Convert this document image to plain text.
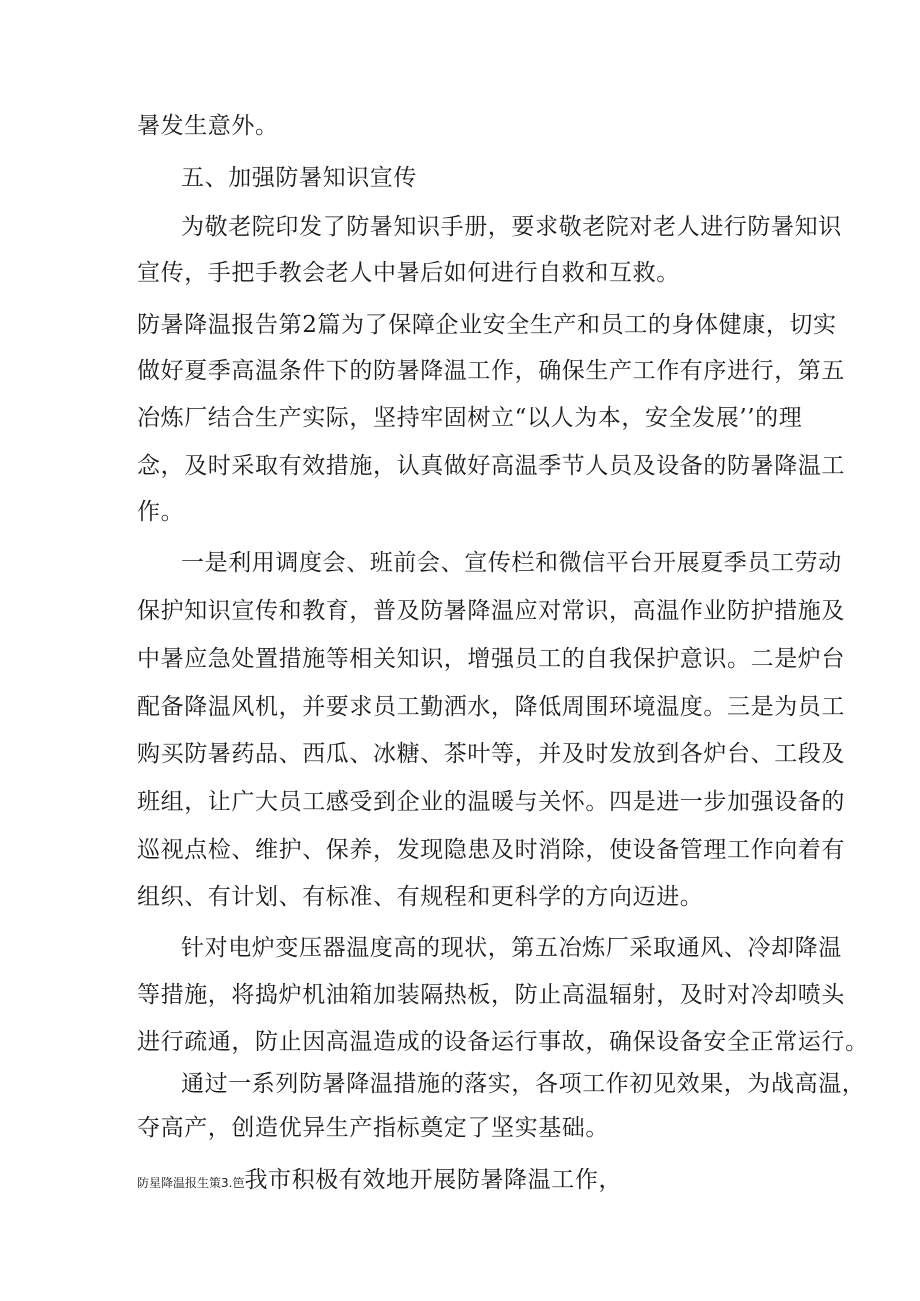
暑发生意外。
五、加强防暑知识宣传
为敬老院印发了防暑知识手册，要求敬老院对老人进行防暑知识
宣传，手把手教会老人中暑后如何进行自救和互救。
防暑降温报告第2篇为了保障企业安全生产和员工的身体健康，切实
做好夏季高温条件下的防暑降温工作，确保生产工作有序进行，第五
冶炼厂结合生产实际，坚持牢固树立“以人为本，安全发展’’的理
念，及时采取有效措施，认真做好高温季节人员及设备的防暑降温工
作。
一是利用调度会、班前会、宣传栏和微信平台开展夏季员工劳动
保护知识宣传和教育，普及防暑降温应对常识，高温作业防护措施及
中暑应急处置措施等相关知识，增强员工的自我保护意识。二是炉台
配备降温风机，并要求员工勤洒水，降低周围环境温度。三是为员工
购买防暑药品、西瓜、冰糖、茶叶等，并及时发放到各炉台、工段及
班组，让广大员工感受到企业的温暖与关怀。四是进一步加强设备的
巡视点检、维护、保养，发现隐患及时消除，使设备管理工作向着有
组织、有计划、有标准、有规程和更科学的方向迈进。
针对电炉变压器温度高的现状，第五冶炼厂采取通风、冷却降温
等措施，将捣炉机油箱加装隔热板，防止高温辐射，及时对冷却喷头
进行疏通，防止因高温造成的设备运行事故，确保设备安全正常运行。
通过一系列防暑降温措施的落实，各项工作初见效果，为战高温，
夺高产，创造优异生产指标奠定了坚实基础。
防星降温报生策3.笆我市积极有效地开展防暑降温工作，
